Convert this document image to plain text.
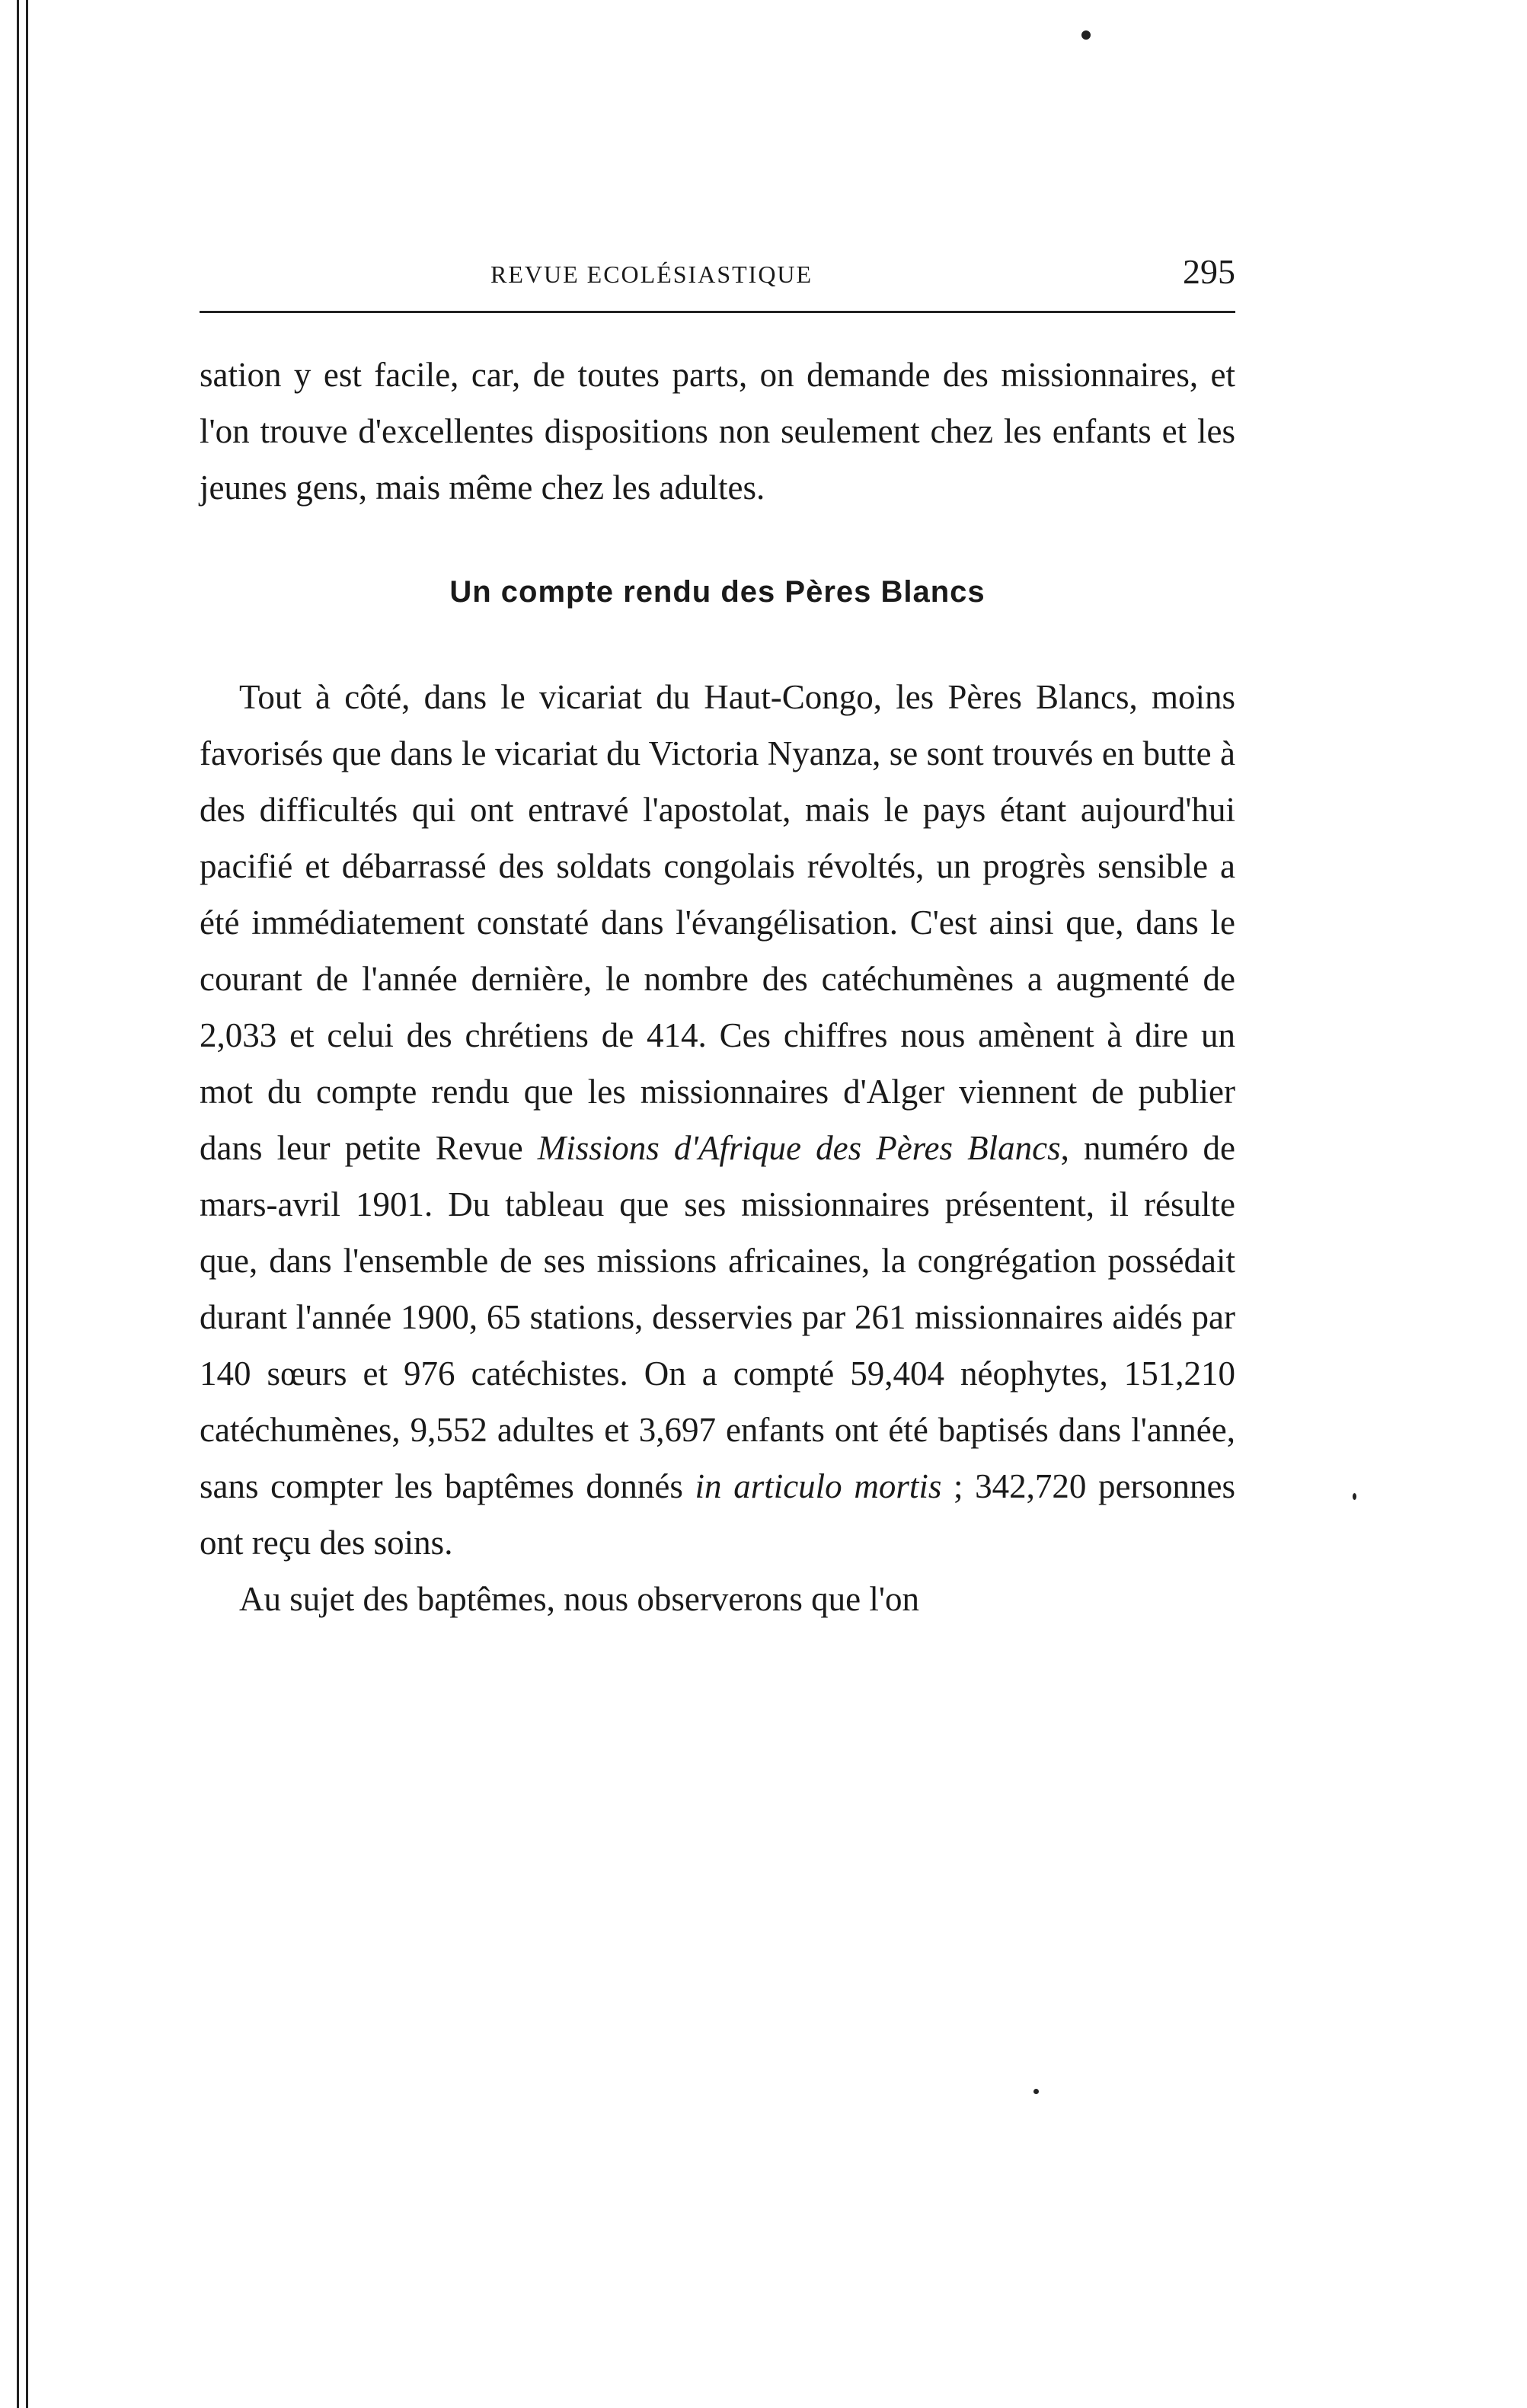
REVUE ECOLÉSIASTIQUE	295

sation y est facile, car, de toutes parts, on demande des missionnaires, et l'on trouve d'excellentes dispositions non seulement chez les enfants et les jeunes gens, mais même chez les adultes.

Un compte rendu des Pères Blancs

Tout à côté, dans le vicariat du Haut-Congo, les Pères Blancs, moins favorisés que dans le vicariat du Victoria Nyanza, se sont trouvés en butte à des difficultés qui ont entravé l'apostolat, mais le pays étant aujourd'hui pacifié et débarrassé des soldats congolais révoltés, un progrès sensible a été immédiatement constaté dans l'évangélisation. C'est ainsi que, dans le courant de l'année dernière, le nombre des catéchumènes a augmenté de 2,033 et celui des chrétiens de 414. Ces chiffres nous amènent à dire un mot du compte rendu que les missionnaires d'Alger viennent de publier dans leur petite Revue Missions d'Afrique des Pères Blancs, numéro de mars-avril 1901. Du tableau que ses missionnaires présentent, il résulte que, dans l'ensemble de ses missions africaines, la congrégation possédait durant l'année 1900, 65 stations, desservies par 261 missionnaires aidés par 140 sœurs et 976 catéchistes. On a compté 59,404 néophytes, 151,210 catéchumènes, 9,552 adultes et 3,697 enfants ont été baptisés dans l'année, sans compter les baptêmes donnés in articulo mortis ; 342,720 personnes ont reçu des soins.

Au sujet des baptêmes, nous observerons que l'on
